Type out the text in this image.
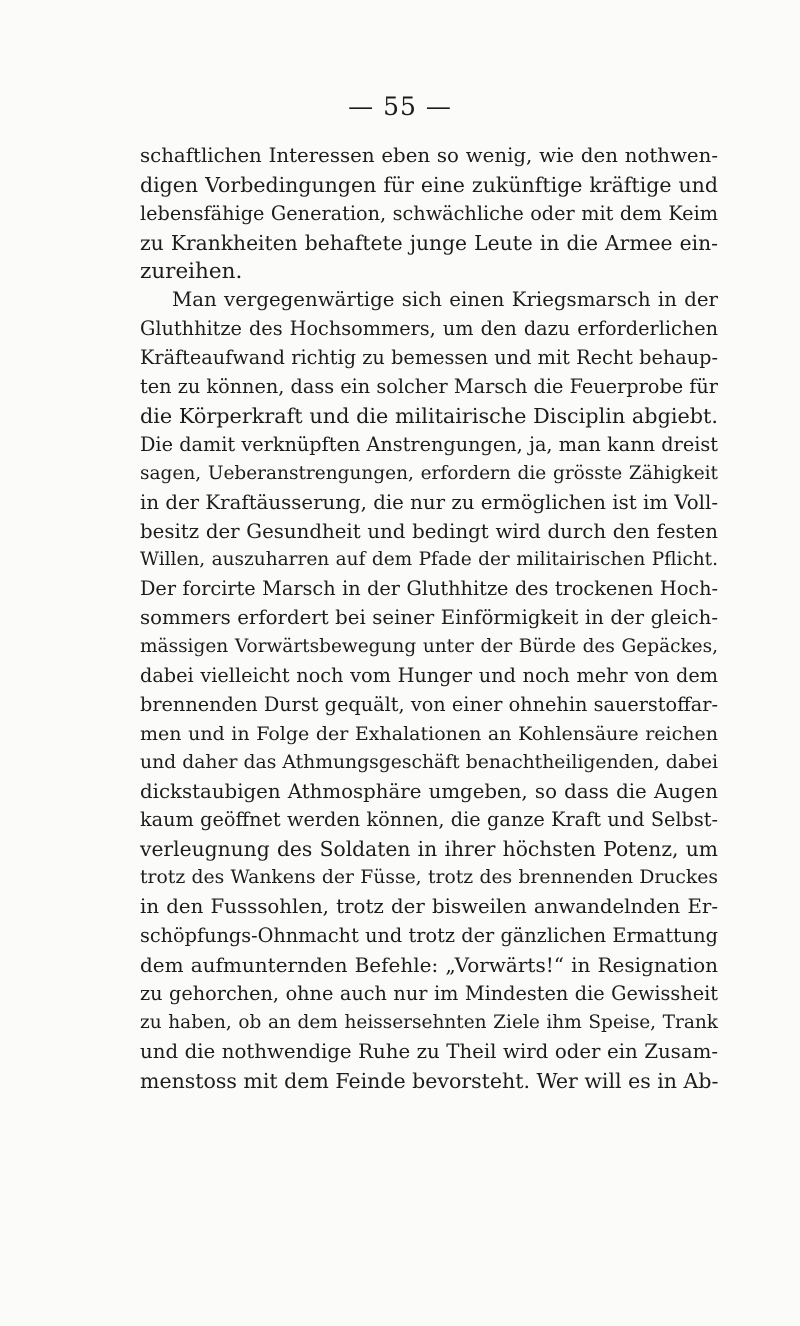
— 55 —
schaftlichen Interessen eben so wenig, wie den nothwen-
digen Vorbedingungen für eine zukünftige kräftige und
lebensfähige Generation, schwächliche oder mit dem Keim
zu Krankheiten behaftete junge Leute in die Armee ein-
zureihen.
Man vergegenwärtige sich einen Kriegsmarsch in der
Gluthhitze des Hochsommers, um den dazu erforderlichen
Kräfteaufwand richtig zu bemessen und mit Recht behaup-
ten zu können, dass ein solcher Marsch die Feuerprobe für
die Körperkraft und die militairische Disciplin abgiebt.
Die damit verknüpften Anstrengungen, ja, man kann dreist
sagen, Ueberanstrengungen, erfordern die grösste Zähigkeit
in der Kraftäusserung, die nur zu ermöglichen ist im Voll-
besitz der Gesundheit und bedingt wird durch den festen
Willen, auszuharren auf dem Pfade der militairischen Pflicht.
Der forcirte Marsch in der Gluthhitze des trockenen Hoch-
sommers erfordert bei seiner Einförmigkeit in der gleich-
mässigen Vorwärtsbewegung unter der Bürde des Gepäckes,
dabei vielleicht noch vom Hunger und noch mehr von dem
brennenden Durst gequält, von einer ohnehin sauerstoffar-
men und in Folge der Exhalationen an Kohlensäure reichen
und daher das Athmungsgeschäft benachtheiligenden, dabei
dickstaubigen Athmosphäre umgeben, so dass die Augen
kaum geöffnet werden können, die ganze Kraft und Selbst-
verleugnung des Soldaten in ihrer höchsten Potenz, um
trotz des Wankens der Füsse, trotz des brennenden Druckes
in den Fusssohlen, trotz der bisweilen anwandelnden Er-
schöpfungs-Ohnmacht und trotz der gänzlichen Ermattung
dem aufmunternden Befehle: „Vorwärts!“ in Resignation
zu gehorchen, ohne auch nur im Mindesten die Gewissheit
zu haben, ob an dem heissersehnten Ziele ihm Speise, Trank
und die nothwendige Ruhe zu Theil wird oder ein Zusam-
menstoss mit dem Feinde bevorsteht. Wer will es in Ab-
